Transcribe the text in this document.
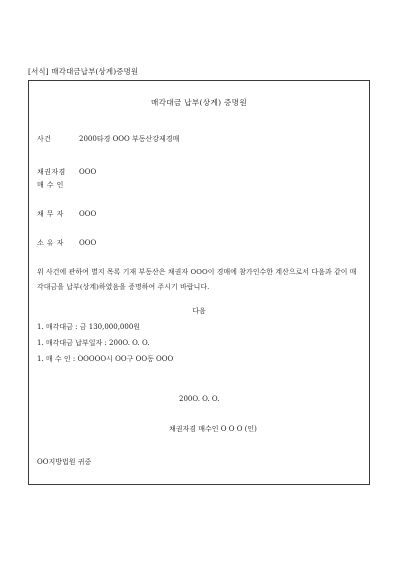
[서식] 매각대금납부(상계)증명원
매각대금 납부(상계) 증명원
사건	2000타경 OOO 부동산강제경매
채권자겸
매 수 인
OOO
채 무 자 OOO
소 유 자 OOO
위 사건에 관하여 별지 목록 기재 부동산은 채권자 OOO이 경매에 참가인수한 계산으로서 다음과 같이 매각대금을 납부(상계)하였음을 증명하여 주시기 바랍니다.
다음
1. 매각대금 : 금 130,000,000원
1. 매각대금 납부일자 : 200O. O. O.
1. 매 수 인 : OOOOO시 OO구 OO동 OOO
200O. O. O.
채권자겸 매수인 O O O (인)
OO지방법원 귀중
